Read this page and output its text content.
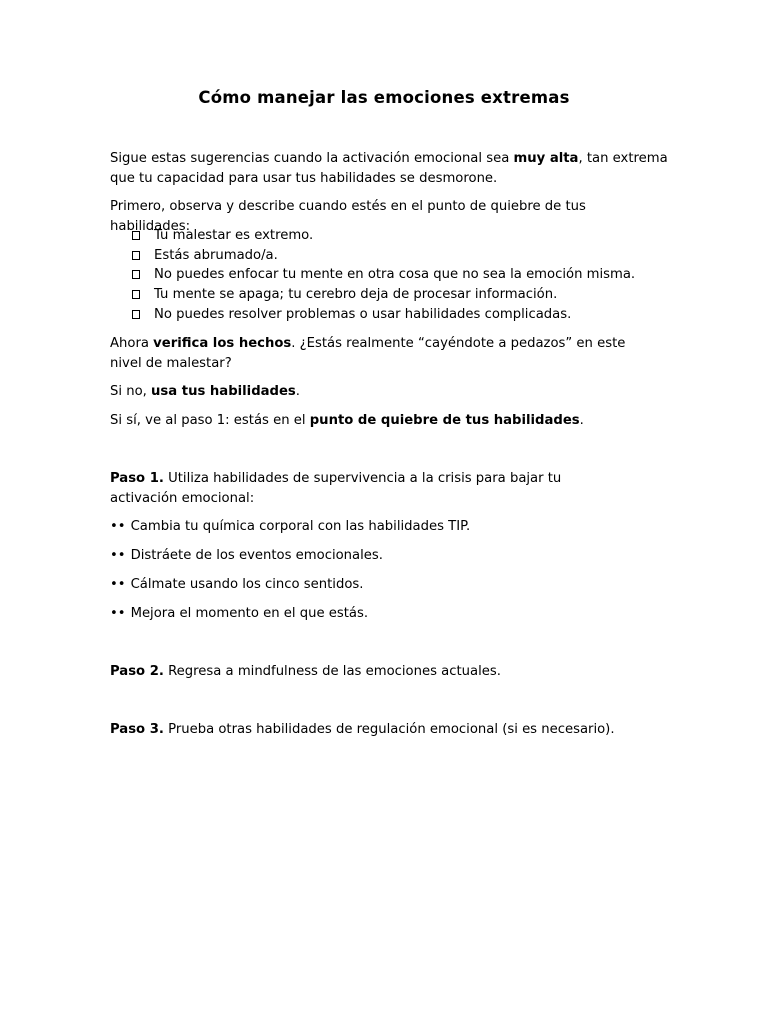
Cómo manejar las emociones extremas
Sigue estas sugerencias cuando la activación emocional sea muy alta, tan extrema que tu capacidad para usar tus habilidades se desmorone.
Primero, observa y describe cuando estés en el punto de quiebre de tus habilidades:
Tu malestar es extremo.
Estás abrumado/a.
No puedes enfocar tu mente en otra cosa que no sea la emoción misma.
Tu mente se apaga; tu cerebro deja de procesar información.
No puedes resolver problemas o usar habilidades complicadas.
Ahora verifica los hechos. ¿Estás realmente “cayéndote a pedazos” en este nivel de malestar?
Si no, usa tus habilidades.
Si sí, ve al paso 1: estás en el punto de quiebre de tus habilidades.
Paso 1. Utiliza habilidades de supervivencia a la crisis para bajar tu activación emocional:
•• Cambia tu química corporal con las habilidades TIP.
•• Distráete de los eventos emocionales.
•• Cálmate usando los cinco sentidos.
•• Mejora el momento en el que estás.
Paso 2. Regresa a mindfulness de las emociones actuales.
Paso 3. Prueba otras habilidades de regulación emocional (si es necesario).
